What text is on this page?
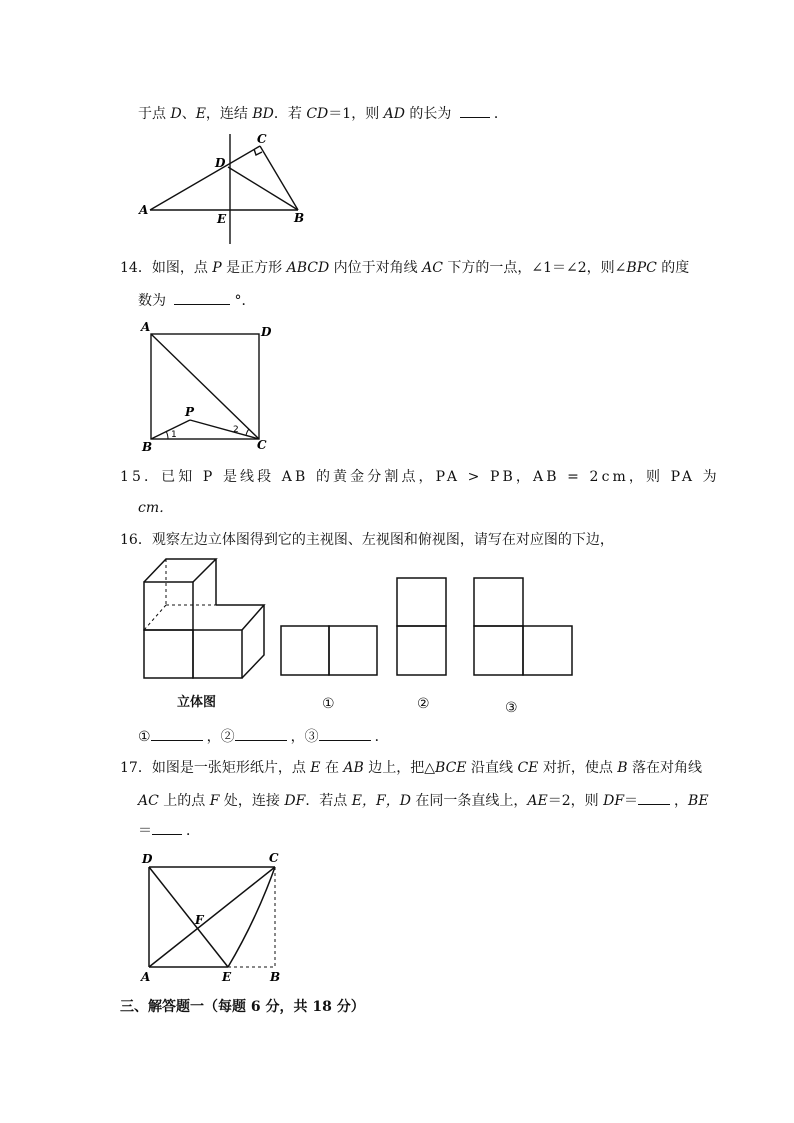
于点 D、E，连结 BD．若 CD＝1，则 AD 的长为	．
A
B
C
D
E
14．如图，点 P 是正方形 ABCD 内位于对角线 AC 下方的一点，∠1＝∠2，则∠BPC 的度
数为	°．
A	D
B	C
P
1	2
15．已知 P 是线段 AB 的黄金分割点，PA > PB，AB = 2cm，则 PA 为
cm．
16．观察左边立体图得到它的主视图、左视图和俯视图，请写在对应图的下边，
立体图	①	②	③
①	，②	，③	．
17．如图是一张矩形纸片，点 E 在 AB 边上，把△BCE 沿直线 CE 对折，使点 B 落在对角线
AC 上的点 F 处，连接 DF．若点 E，F，D 在同一条直线上，AE＝2，则 DF＝	，BE
＝ ．
D	C
A	E	B
F
三、解答题一（每题 6 分，共 18 分）
